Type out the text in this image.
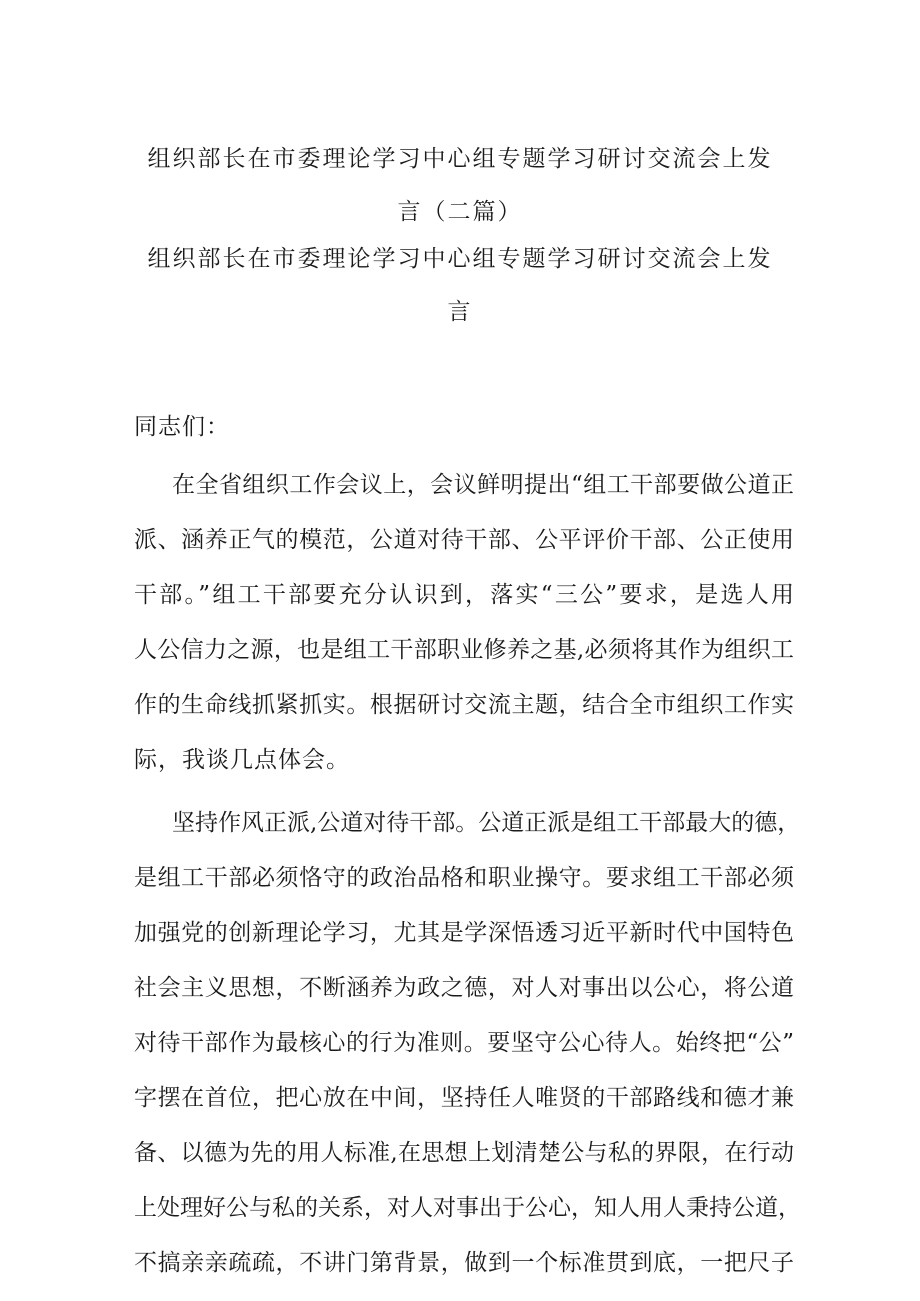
组织部长在市委理论学习中心组专题学习研讨交流会上发
言（二篇）
组织部长在市委理论学习中心组专题学习研讨交流会上发
言
同志们：
在全省组织工作会议上，会议鲜明提出“组工干部要做公道正
派、涵养正气的模范，公道对待干部、公平评价干部、公正使用
干部。”组工干部要充分认识到，落实“三公”要求，是选人用
人公信力之源，也是组工干部职业修养之基,必须将其作为组织工
作的生命线抓紧抓实。根据研讨交流主题，结合全市组织工作实
际，我谈几点体会。
坚持作风正派,公道对待干部。公道正派是组工干部最大的德，
是组工干部必须恪守的政治品格和职业操守。要求组工干部必须
加强党的创新理论学习，尤其是学深悟透习近平新时代中国特色
社会主义思想，不断涵养为政之德，对人对事出以公心，将公道
对待干部作为最核心的行为准则。要坚守公心待人。始终把“公”
字摆在首位，把心放在中间，坚持任人唯贤的干部路线和德才兼
备、以德为先的用人标准,在思想上划清楚公与私的界限，在行动
上处理好公与私的关系，对人对事出于公心，知人用人秉持公道，
不搞亲亲疏疏，不讲门第背景，做到一个标准贯到底，一把尺子
